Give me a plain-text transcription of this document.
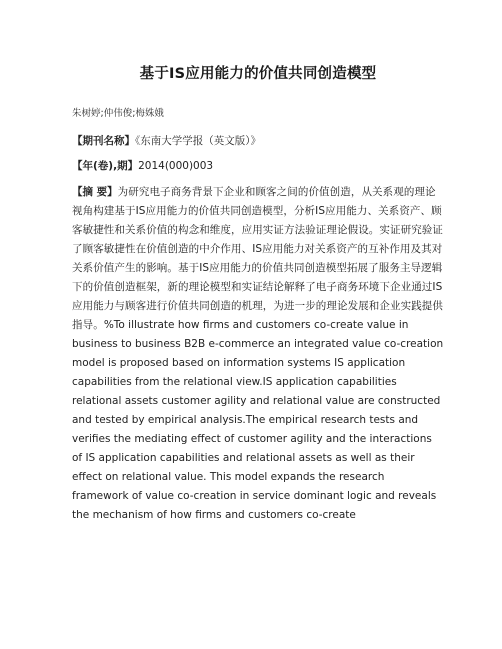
基于IS应用能力的价值共同创造模型
朱树婷;仲伟俊;梅姝娥
【期刊名称】《东南大学学报（英文版）》
【年(卷),期】2014(000)003

【摘 要】为研究电子商务背景下企业和顾客之间的价值创造，从关系观的理论视角构建基于IS应用能力的价值共同创造模型，分析IS应用能力、关系资产、顾客敏捷性和关系价值的构念和维度，应用实证方法验证理论假设。实证研究验证了顾客敏捷性在价值创造的中介作用、IS应用能力对关系资产的互补作用及其对关系价值产生的影响。基于IS应用能力的价值共同创造模型拓展了服务主导逻辑下的价值创造框架，新的理论模型和实证结论解释了电子商务环境下企业通过IS应用能力与顾客进行价值共同创造的机理，为进一步的理论发展和企业实践提供指导。%To illustrate how firms and customers co-create value in business to business B2B e-commerce an integrated value co-creation model is proposed based on information systems IS application capabilities from the relational view.IS application capabilities relational assets customer agility and relational value are constructed and tested by empirical analysis.The empirical research tests and verifies the mediating effect of customer agility and the interactions of IS application capabilities and relational assets as well as their effect on relational value. This model expands the research framework of value co-creation in service dominant logic and reveals the mechanism of how firms and customers co-create
